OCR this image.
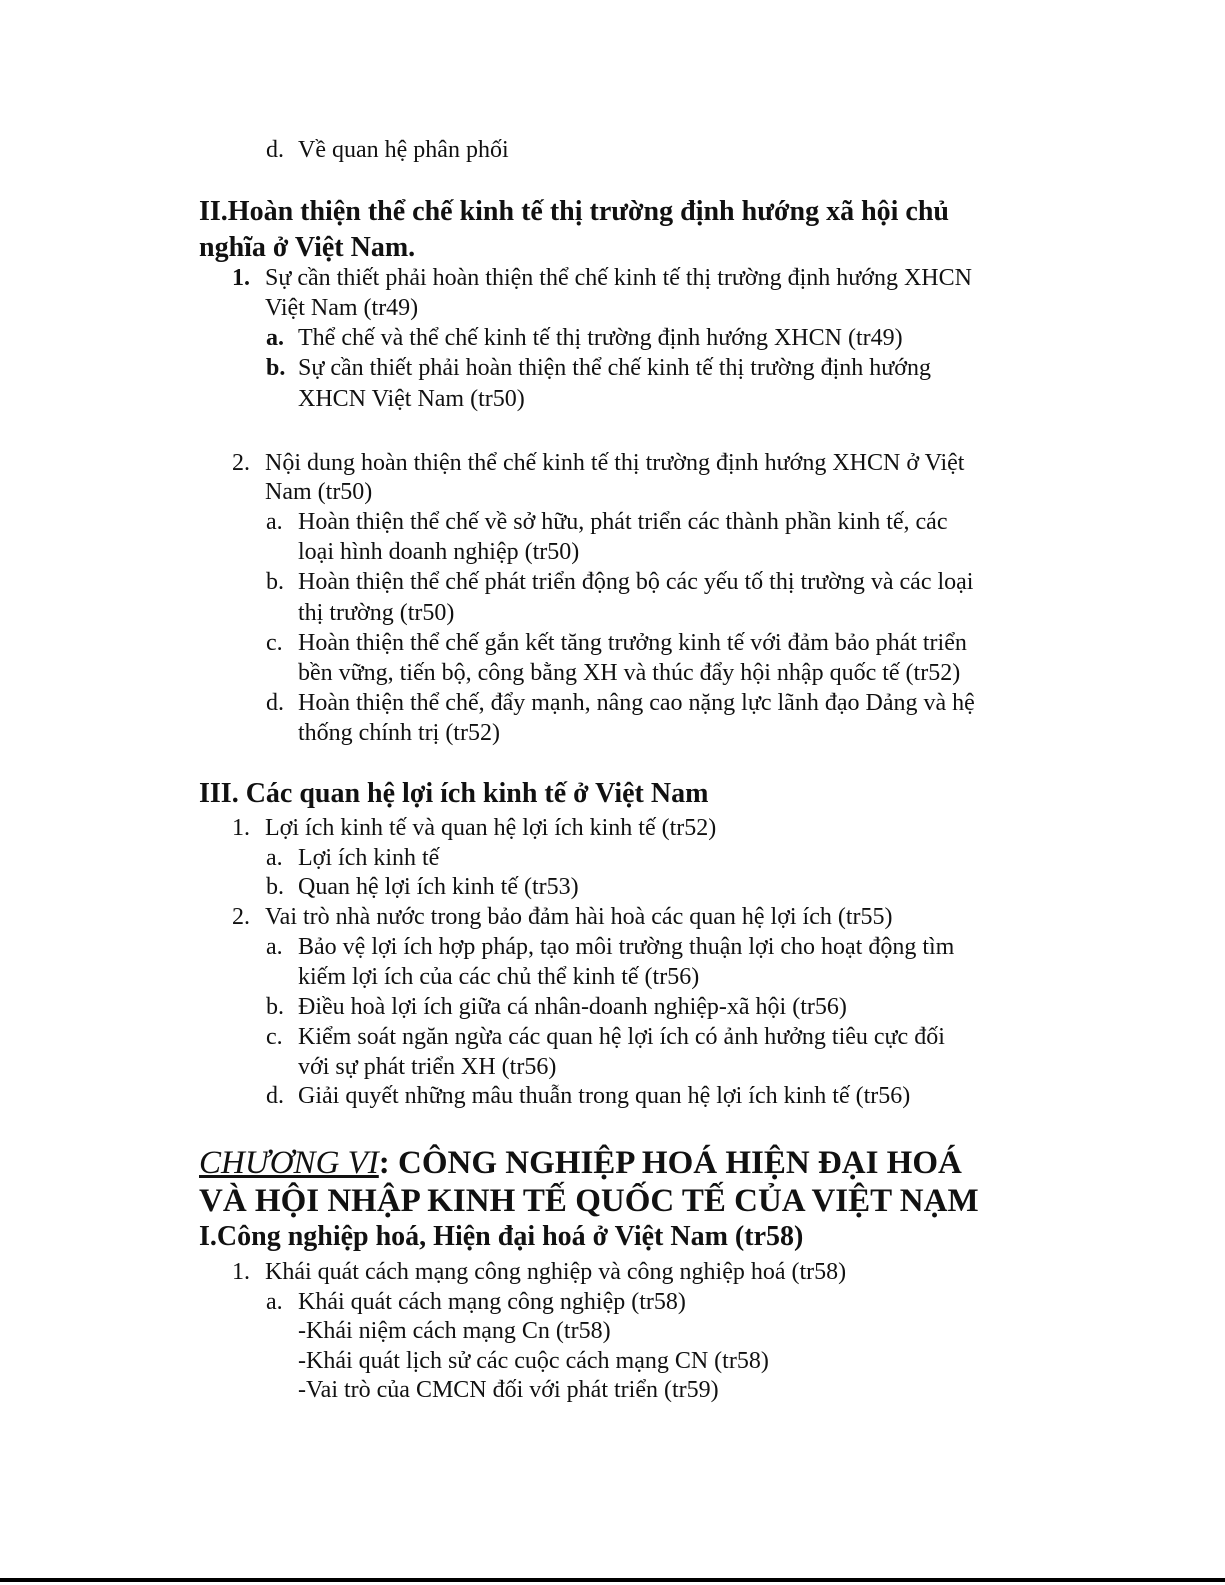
d. Về quan hệ phân phối
II.Hoàn thiện thể chế kinh tế thị trường định hướng xã hội chủ
nghĩa ở Việt Nam.
1. Sự cần thiết phải hoàn thiện thể chế kinh tế thị trường định hướng XHCN
Việt Nam (tr49)
a. Thể chế và thể chế kinh tế thị trường định hướng XHCN (tr49)
b. Sự cần thiết phải hoàn thiện thể chế kinh tế thị trường định hướng
XHCN Việt Nam (tr50)
2. Nội dung hoàn thiện thể chế kinh tế thị trường định hướng XHCN ở Việt
Nam (tr50)
a. Hoàn thiện thể chế về sở hữu, phát triển các thành phần kinh tế, các
loại hình doanh nghiệp (tr50)
b. Hoàn thiện thể chế phát triển động bộ các yếu tố thị trường và các loại
thị trường (tr50)
c. Hoàn thiện thể chế gắn kết tăng trưởng kinh tế với đảm bảo phát triển
bền vững, tiến bộ, công bằng XH và thúc đẩy hội nhập quốc tế (tr52)
d. Hoàn thiện thể chế, đẩy mạnh, nâng cao nặng lực lãnh đạo Dảng và hệ
thống chính trị (tr52)
III. Các quan hệ lợi ích kinh tế ở Việt Nam
1. Lợi ích kinh tế và quan hệ lợi ích kinh tế (tr52)
a. Lợi ích kinh tế
b. Quan hệ lợi ích kinh tế (tr53)
2. Vai trò nhà nước trong bảo đảm hài hoà các quan hệ lợi ích (tr55)
a. Bảo vệ lợi ích hợp pháp, tạo môi trường thuận lợi cho hoạt động tìm
kiếm lợi ích của các chủ thể kinh tế (tr56)
b. Điều hoà lợi ích giữa cá nhân-doanh nghiệp-xã hội (tr56)
c. Kiểm soát ngăn ngừa các quan hệ lợi ích có ảnh hưởng tiêu cực đối
với sự phát triển XH (tr56)
d. Giải quyết những mâu thuẫn trong quan hệ lợi ích kinh tế (tr56)
CHƯƠNG VI: CÔNG NGHIỆP HOÁ HIỆN ĐẠI HOÁ
VÀ HỘI NHẬP KINH TẾ QUỐC TẾ CỦA VIỆT NẠM
I.Công nghiệp hoá, Hiện đại hoá ở Việt Nam (tr58)
1. Khái quát cách mạng công nghiệp và công nghiệp hoá (tr58)
a. Khái quát cách mạng công nghiệp (tr58)
-Khái niệm cách mạng Cn (tr58)
-Khái quát lịch sử các cuộc cách mạng CN (tr58)
-Vai trò của CMCN đối với phát triển (tr59)
